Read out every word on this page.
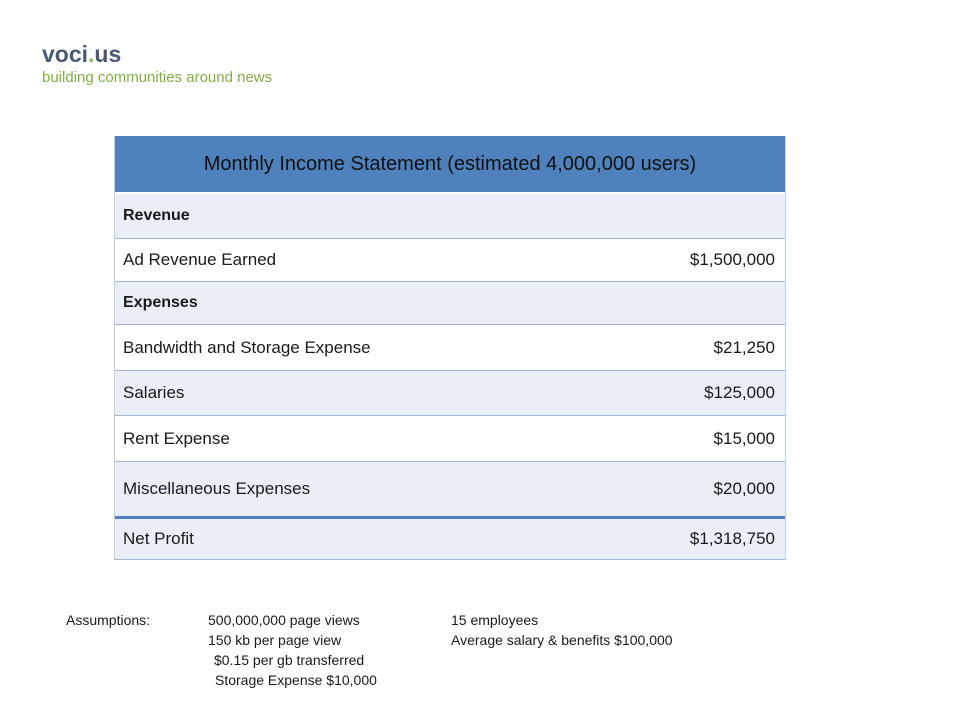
voci.us
building communities around news
Monthly Income Statement (estimated 4,000,000 users)
Revenue
Ad Revenue Earned	$1,500,000
Expenses
Bandwidth and Storage Expense	$21,250
Salaries	$125,000
Rent Expense	$15,000
Miscellaneous Expenses	$20,000
Net Profit	$1,318,750
Assumptions:	500,000,000 page views
150 kb per page view
$0.15 per gb transferred
Storage Expense $10,000
15 employees
Average salary & benefits $100,000
